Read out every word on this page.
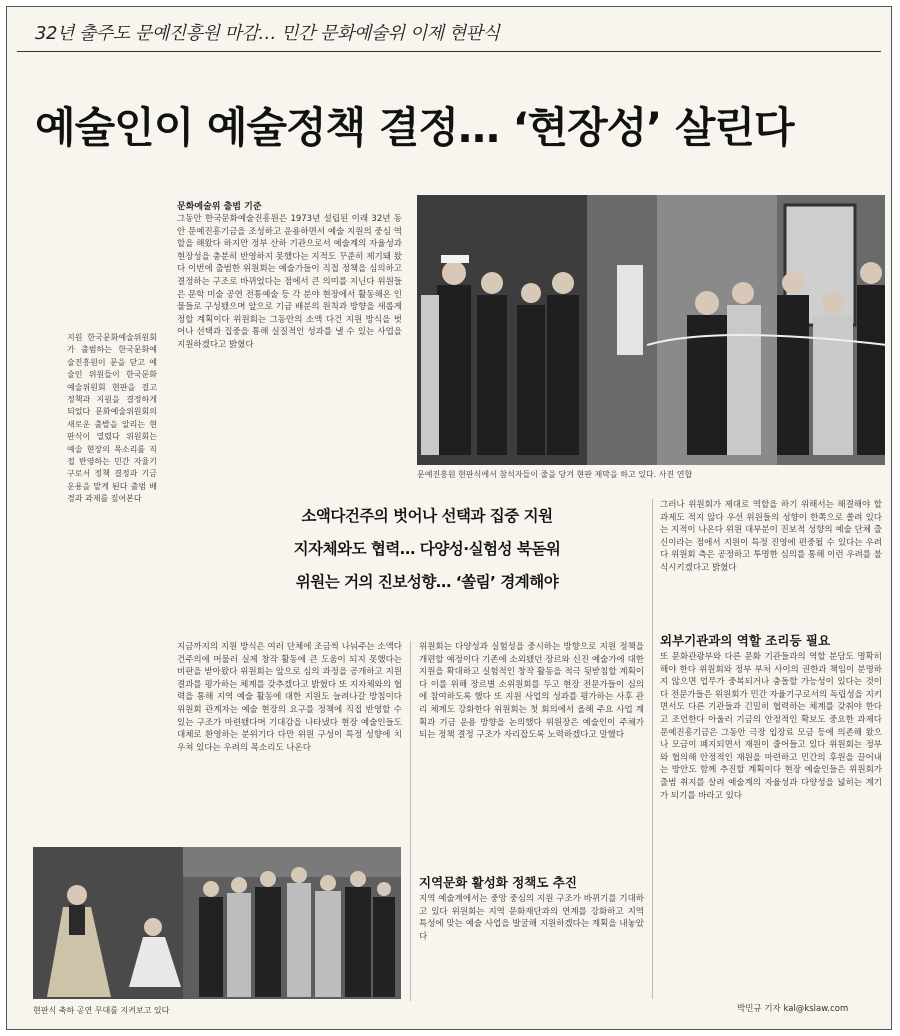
32년 출주도 문예진흥원 마감… 민간 문화예술위 이제 현판식
예술인이 예술정책 결정… ‘현장성’ 살린다
지원 한국문화예술위원회가 출범하는 한국문화예술진흥원이 문을 닫고 예술인 위원들이 한국문화예술위원회 현판을 걸고 정책과 지원을 결정하게 되었다 문화예술위원회의 새로운 출발을 알리는 현판식이 열렸다 위원회는 예술 현장의 목소리를 직접 반영하는 민간 자율기구로서 정책 결정과 기금 운용을 맡게 된다 출범 배경과 과제를 짚어본다
문화예술위 출범 기준
그동안 한국문화예술진흥원은 1973년 설립된 이래 32년 동안 문예진흥기금을 조성하고 운용하면서 예술 지원의 중심 역할을 해왔다 하지만 정부 산하 기관으로서 예술계의 자율성과 현장성을 충분히 반영하지 못했다는 지적도 꾸준히 제기돼 왔다 이번에 출범한 위원회는 예술가들이 직접 정책을 심의하고 결정하는 구조로 바뀌었다는 점에서 큰 의미를 지닌다 위원들은 문학 미술 공연 전통예술 등 각 분야 현장에서 활동해온 인물들로 구성됐으며 앞으로 기금 배분의 원칙과 방향을 새롭게 정할 계획이다 위원회는 그동안의 소액 다건 지원 방식을 벗어나 선택과 집중을 통해 실질적인 성과를 낼 수 있는 사업을 지원하겠다고 밝혔다
문예진흥원 현판식에서 참석자들이 줄을 당겨 현판 제막을 하고 있다. 사진 연합
소액다건주의 벗어나 선택과 집중 지원
지자체와도 협력… 다양성·실험성 북돋워
위원는 거의 진보성향… ‘쏠림’ 경계해야
그러나 위원회가 제대로 역할을 하기 위해서는 해결해야 할 과제도 적지 않다 우선 위원들의 성향이 한쪽으로 쏠려 있다는 지적이 나온다 위원 대부분이 진보적 성향의 예술 단체 출신이라는 점에서 지원이 특정 진영에 편중될 수 있다는 우려다 위원회 측은 공정하고 투명한 심의를 통해 이런 우려를 불식시키겠다고 밝혔다
지금까지의 지원 방식은 여러 단체에 조금씩 나눠주는 소액다건주의에 머물러 실제 창작 활동에 큰 도움이 되지 못했다는 비판을 받아왔다 위원회는 앞으로 심의 과정을 공개하고 지원 결과를 평가하는 체계를 갖추겠다고 밝혔다 또 지자체와의 협력을 통해 지역 예술 활동에 대한 지원도 늘려나갈 방침이다 위원회 관계자는 예술 현장의 요구를 정책에 직접 반영할 수 있는 구조가 마련됐다며 기대감을 나타냈다 현장 예술인들도 대체로 환영하는 분위기다 다만 위원 구성이 특정 성향에 치우쳐 있다는 우려의 목소리도 나온다
위원회는 다양성과 실험성을 중시하는 방향으로 지원 정책을 개편할 예정이다 기존에 소외됐던 장르와 신진 예술가에 대한 지원을 확대하고 실험적인 창작 활동을 적극 뒷받침할 계획이다 이를 위해 장르별 소위원회를 두고 현장 전문가들이 심의에 참여하도록 했다 또 지원 사업의 성과를 평가하는 사후 관리 체계도 강화한다 위원회는 첫 회의에서 올해 주요 사업 계획과 기금 운용 방향을 논의했다 위원장은 예술인이 주체가 되는 정책 결정 구조가 자리잡도록 노력하겠다고 말했다
지역문화 활성화 정책도 추진
지역 예술계에서는 중앙 중심의 지원 구조가 바뀌기를 기대하고 있다 위원회는 지역 문화재단과의 연계를 강화하고 지역 특성에 맞는 예술 사업을 발굴해 지원하겠다는 계획을 내놓았다
외부기관과의 역할 조리등 필요
또 문화관광부와 다른 문화 기관들과의 역할 분담도 명확히 해야 한다 위원회와 정부 부처 사이의 권한과 책임이 분명하지 않으면 업무가 중복되거나 충돌할 가능성이 있다는 것이다 전문가들은 위원회가 민간 자율기구로서의 독립성을 지키면서도 다른 기관들과 긴밀히 협력하는 체계를 갖춰야 한다고 조언한다 아울러 기금의 안정적인 확보도 중요한 과제다 문예진흥기금은 그동안 극장 입장료 모금 등에 의존해 왔으나 모금이 폐지되면서 재원이 줄어들고 있다 위원회는 정부와 협의해 안정적인 재원을 마련하고 민간의 후원을 끌어내는 방안도 함께 추진할 계획이다 현장 예술인들은 위원회가 출범 취지를 살려 예술계의 자율성과 다양성을 넓히는 계기가 되기를 바라고 있다
박민규 기자 kal@kslaw.com
현판식 축하 공연 무대를 지켜보고 있다
